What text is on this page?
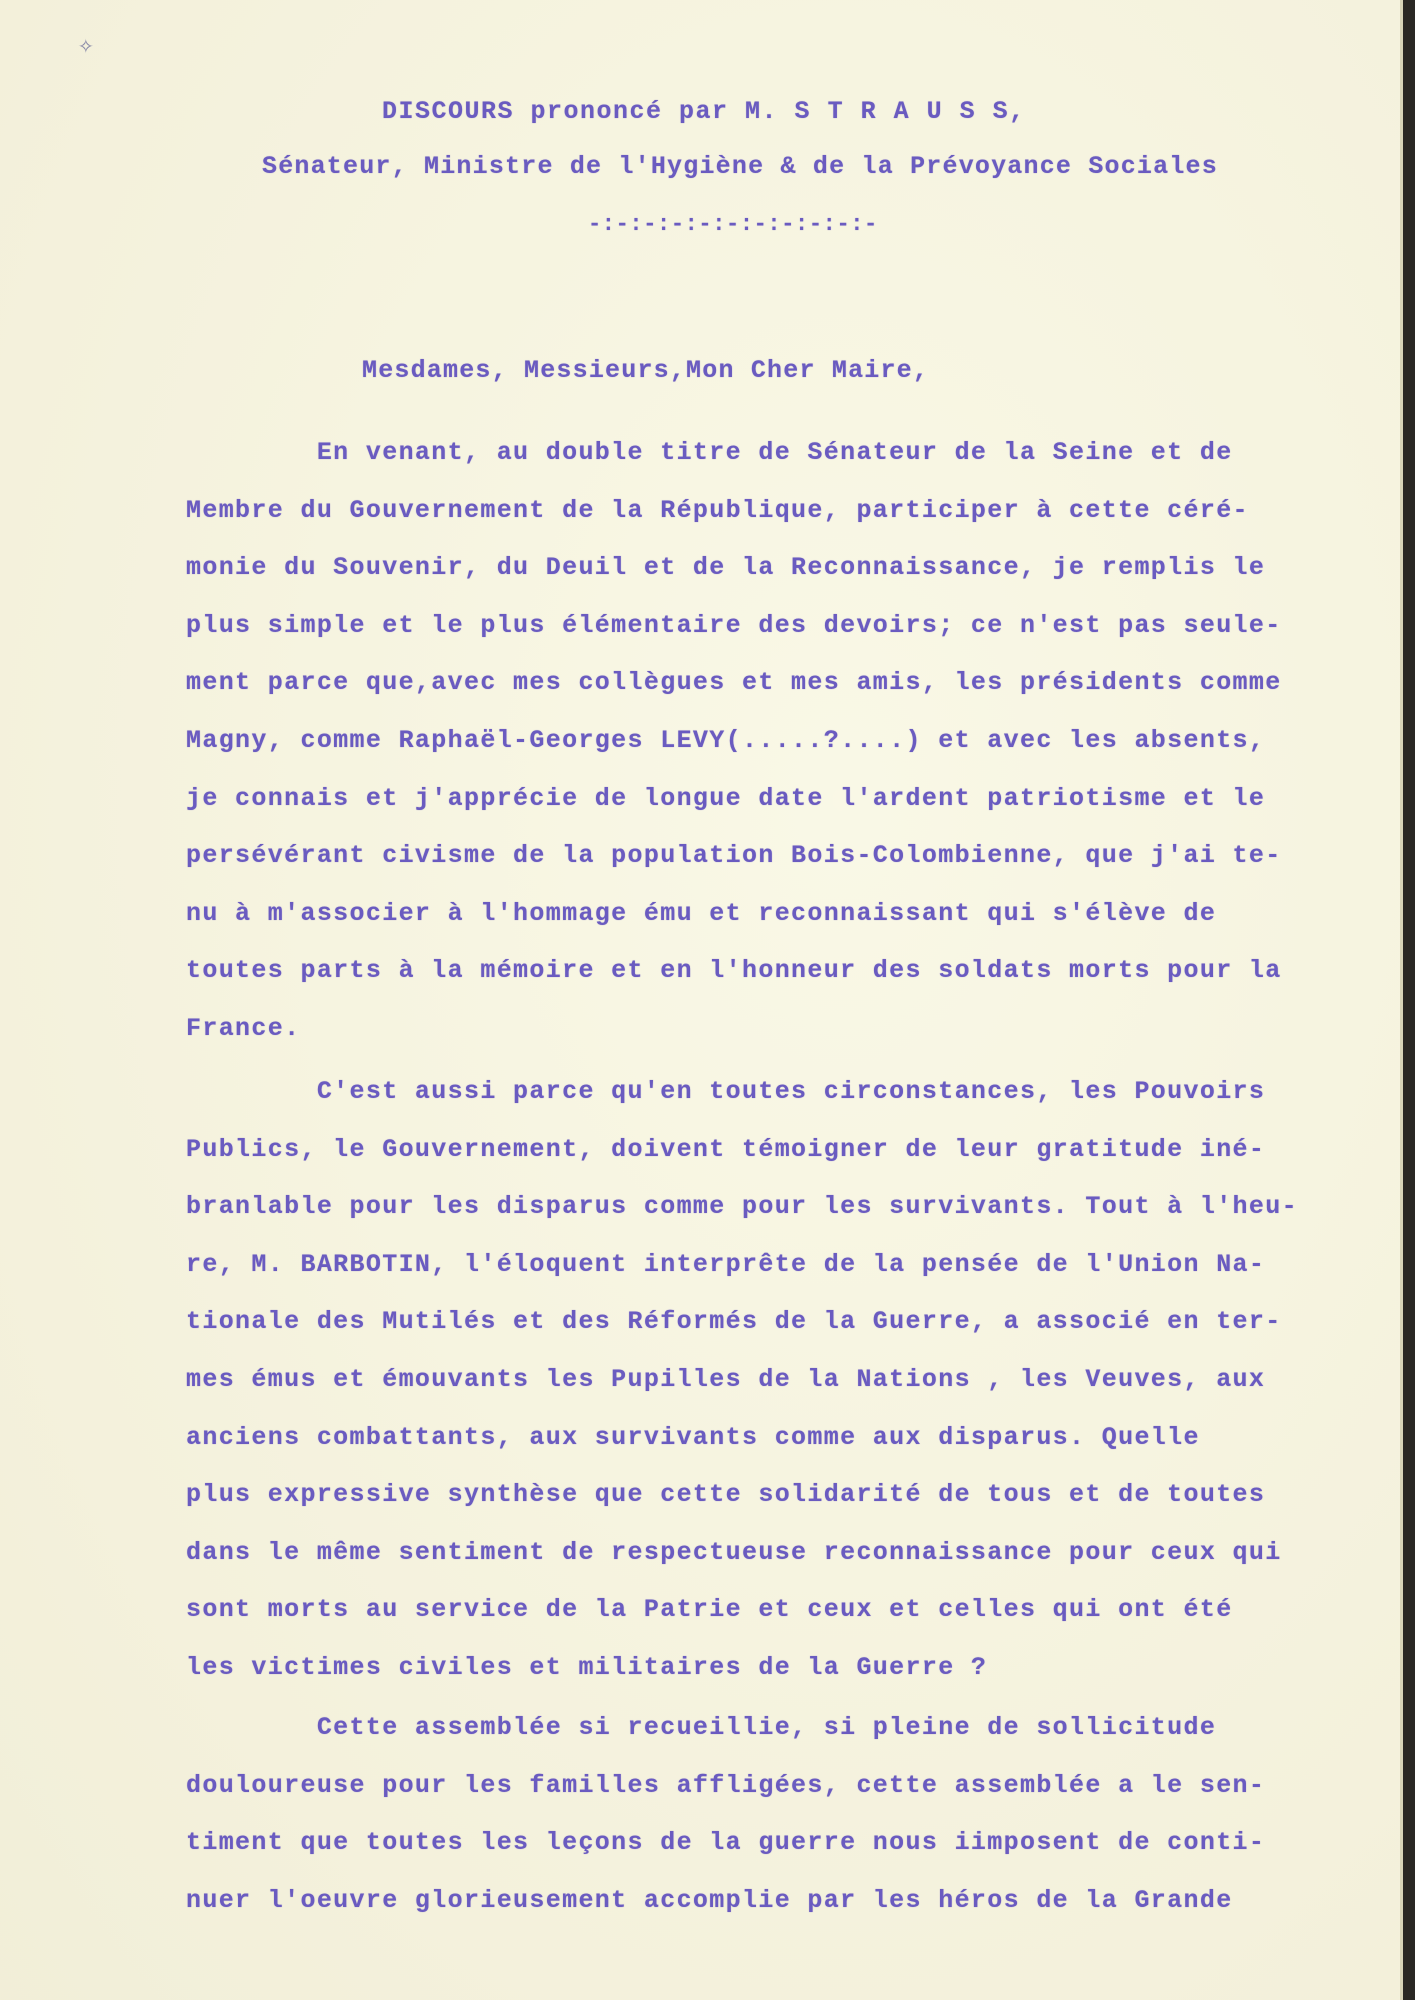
✧

DISCOURS prononcé par M. S T R A U S S,

Sénateur, Ministre de l'Hygiène & de la Prévoyance Sociales

-:-:-:-:-:-:-:-:-:-:-

Mesdames, Messieurs,Mon Cher Maire,

En venant, au double titre de Sénateur de la Seine et de
Membre du Gouvernement de la République, participer à cette céré-
monie du Souvenir, du Deuil et de la Reconnaissance, je remplis le
plus simple et le plus élémentaire des devoirs; ce n'est pas seule-
ment parce que,avec mes collègues et mes amis, les présidents comme
Magny, comme Raphaël-Georges LEVY(.....?....) et avec les absents,
je connais et j'apprécie de longue date l'ardent patriotisme et le
persévérant civisme de la population Bois-Colombienne, que j'ai te-
nu à m'associer à l'hommage ému et reconnaissant qui s'élève de
toutes parts à la mémoire et en l'honneur des soldats morts pour la
France.
C'est aussi parce qu'en toutes circonstances, les Pouvoirs
Publics, le Gouvernement, doivent témoigner de leur gratitude iné-
branlable pour les disparus comme pour les survivants. Tout à l'heu-
re, M. BARBOTIN, l'éloquent interprête de la pensée de l'Union Na-
tionale des Mutilés et des Réformés de la Guerre, a associé en ter-
mes émus et émouvants les Pupilles de la Nations , les Veuves, aux
anciens combattants, aux survivants comme aux disparus. Quelle
plus expressive synthèse que cette solidarité de tous et de toutes
dans le même sentiment de respectueuse reconnaissance pour ceux qui
sont morts au service de la Patrie et ceux et celles qui ont été
les victimes civiles et militaires de la Guerre ?
Cette assemblée si recueillie, si pleine de sollicitude
douloureuse pour les familles affligées, cette assemblée a le sen-
timent que toutes les leçons de la guerre nous iimposent de conti-
nuer l'oeuvre glorieusement accomplie par les héros de la Grande
